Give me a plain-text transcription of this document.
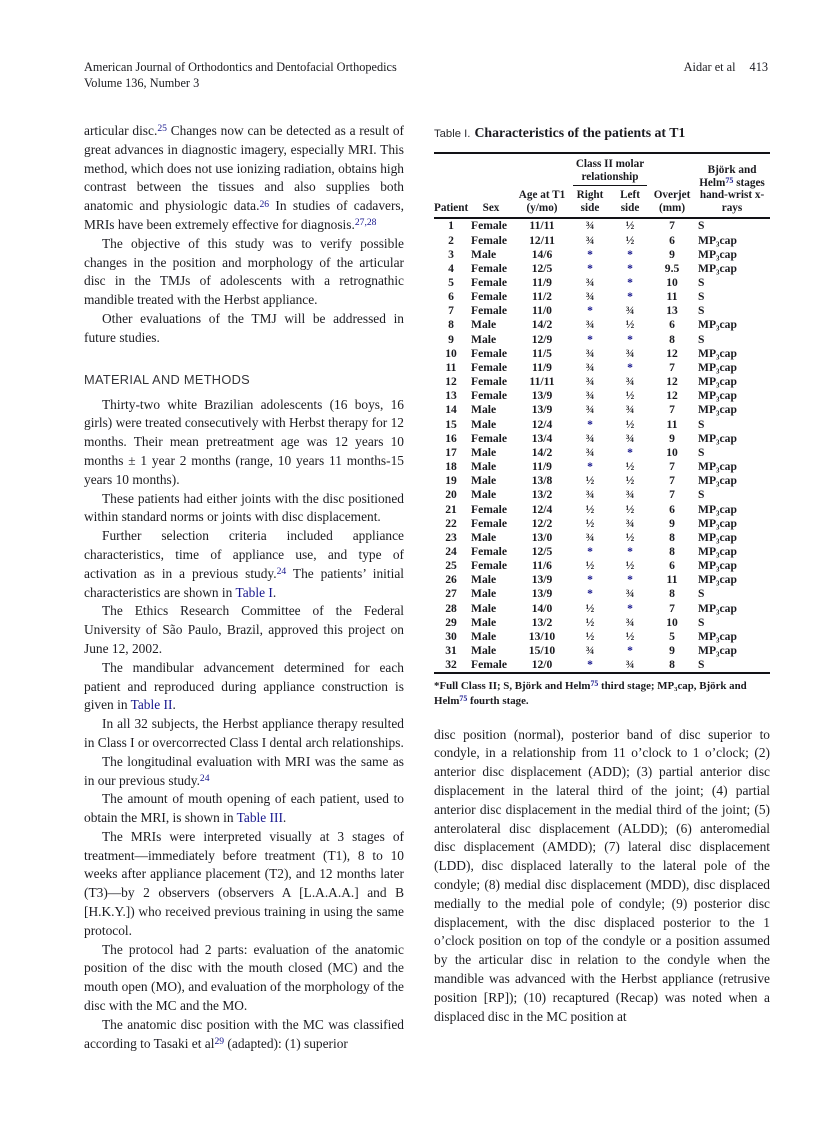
American Journal of Orthodontics and Dentofacial Orthopedics
Volume 136, Number 3
Aidar et al 413

articular disc.$^{25}$ Changes now can be detected as a result of great advances in diagnostic imagery, especially MRI. This method, which does not use ionizing radiation, obtains high contrast between the tissues and also supplies both anatomic and physiologic data.$^{26}$ In studies of cadavers, MRIs have been extremely effective for diagnosis.$^{27,28}$

The objective of this study was to verify possible changes in the position and morphology of the articular disc in the TMJs of adolescents with a retrognathic mandible treated with the Herbst appliance.

Other evaluations of the TMJ will be addressed in future studies.

MATERIAL AND METHODS

Thirty-two white Brazilian adolescents (16 boys, 16 girls) were treated consecutively with Herbst therapy for 12 months. Their mean pretreatment age was 12 years 10 months ± 1 year 2 months (range, 10 years 11 months-15 years 10 months).

These patients had either joints with the disc positioned within standard norms or joints with disc displacement.

Further selection criteria included appliance characteristics, time of appliance use, and type of activation as in a previous study.$^{24}$ The patients’ initial characteristics are shown in Table I.

The Ethics Research Committee of the Federal University of São Paulo, Brazil, approved this project on June 12, 2002.

The mandibular advancement determined for each patient and reproduced during appliance construction is given in Table II.

In all 32 subjects, the Herbst appliance therapy resulted in Class I or overcorrected Class I dental arch relationships.

The longitudinal evaluation with MRI was the same as in our previous study.$^{24}$

The amount of mouth opening of each patient, used to obtain the MRI, is shown in Table III.

The MRIs were interpreted visually at 3 stages of treatment—immediately before treatment (T1), 8 to 10 weeks after appliance placement (T2), and 12 months later (T3)—by 2 observers (observers A [L.A.A.A.] and B [H.K.Y.]) who received previous training in using the same protocol.

The protocol had 2 parts: evaluation of the anatomic position of the disc with the mouth closed (MC) and the mouth open (MO), and evaluation of the morphology of the disc with the MC and the MO.

The anatomic disc position with the MC was classified according to Tasaki et $al^{29}$ (adapted): (1) superior

Table I. Characteristics of the patients at T1
Patient	Sex	Age at T1 (y/mo)	Class II molar relationship
Right side
Left side		Overjet (mm)	Björk and Helm$^{75}$ stages hand-wrist x-rays
1	Female	11/11	¾	½	7	S
2	Female	12/11	¾	½	6	MP₃cap
3	Male	14/6	*	*	9	MP₃cap
4	Female	12/5	*	*	9.5	MP₃cap
5	Female	11/9	¾	*	10	S
6	Female	11/2	¾	*	11	S
7	Female	11/0	*	¾	13	S
8	Male	14/2	¾	½	6	MP₃cap
9	Male	12/9	*	*	8	S
10	Female	11/5	¾	¾	12	MP₃cap
11	Female	11/9	¾	*	7	MP₃cap
12	Female	11/11	¾	¾	12	MP₃cap
13	Female	13/9	¾	½	12	MP₃cap
14	Male	13/9	¾	¾	7	MP₃cap
15	Male	12/4	*	½	11	S
16	Female	13/4	¾	¾	9	MP₃cap
17	Male	14/2	¾	*	10	S
18	Male	11/9	*	½	7	MP₃cap
19	Male	13/8	½	½	7	MP₃cap
20	Male	13/2	¾	¾	7	S
21	Female	12/4	½	½	6	MP₃cap
22	Female	12/2	½	¾	9	MP₃cap
23	Male	13/0	¾	½	8	MP₃cap
24	Female	12/5	*	*	8	MP₃cap
25	Female	11/6	½	½	6	MP₃cap
26	Male	13/9	*	*	11	MP₃cap
27	Male	13/9	*	¾	8	S
28	Male	14/0	½	*	7	MP₃cap
29	Male	13/2	½	¾	10	S
30	Male	13/10	½	½	5	MP₃cap
31	Male	15/10	¾	*	9	MP₃cap
32	Female	12/0	*	¾	8	S
*Full Class II; S, Björk and Helm$^{75}$ third stage; MP₃cap, Björk and Helm$^{75}$ fourth stage.

disc position (normal), posterior band of disc superior to condyle, in a relationship from 11 o’clock to 1 o’clock; (2) anterior disc displacement (ADD); (3) partial anterior disc displacement in the lateral third of the joint; (4) partial anterior disc displacement in the medial third of the joint; (5) anterolateral disc displacement (ALDD); (6) anteromedial disc displacement (AMDD); (7) lateral disc displacement (LDD), disc displaced laterally to the lateral pole of the condyle; (8) medial disc displacement (MDD), disc displaced medially to the medial pole of condyle; (9) posterior disc displacement, with the disc displaced posterior to the 1 o’clock position on top of the condyle or a position assumed by the articular disc in relation to the condyle when the mandible was advanced with the Herbst appliance (retrusive position [RP]); (10) recaptured (Recap) was noted when a displaced disc in the MC position at
